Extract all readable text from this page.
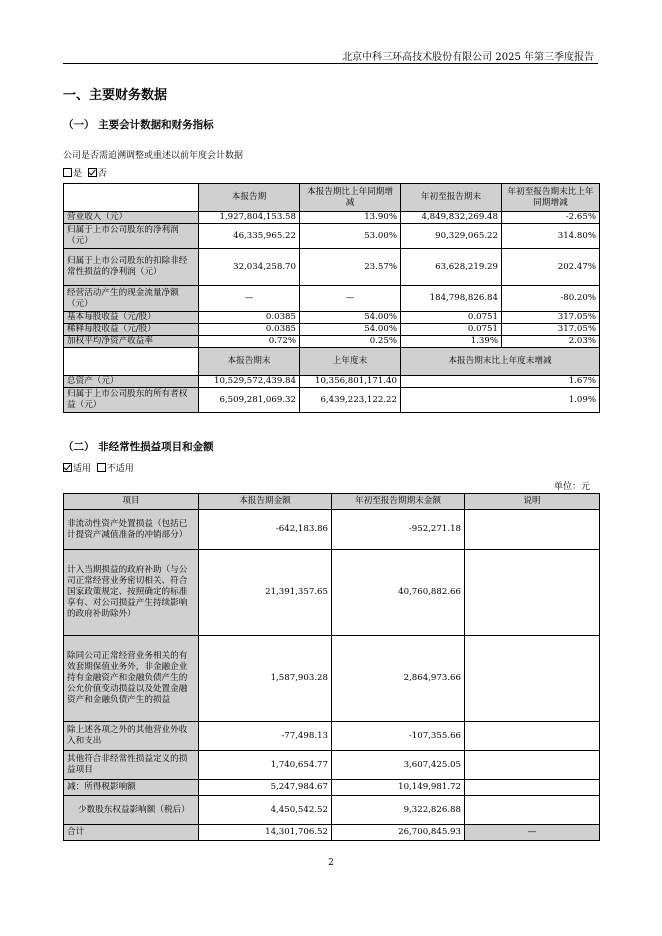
北京中科三环高技术股份有限公司 2025 年第三季度报告
一、主要财务数据
（一） 主要会计数据和财务指标
公司是否需追溯调整或重述以前年度会计数据
是 否
	本报告期	本报告期比上年同期增减	年初至报告期末	年初至报告期末比上年同期增减
营业收入（元）	1,927,804,153.58	13.90%	4,849,832,269.48	-2.65%
归属于上市公司股东的净利润（元）	46,335,965.22	53.00%	90,329,065.22	314.80%
归属于上市公司股东的扣除非经常性损益的净利润（元）	32,034,258.70	23.57%	63,628,219.29	202.47%
经营活动产生的现金流量净额（元）	—	—	184,798,826.84	-80.20%
基本每股收益（元/股）	0.0385	54.00%	0.0751	317.05%
稀释每股收益（元/股）	0.0385	54.00%	0.0751	317.05%
加权平均净资产收益率	0.72%	0.25%	1.39%	2.03%
	本报告期末	上年度末	本报告期末比上年度末增减	
总资产（元）	10,529,572,439.84	10,356,801,171.40	1.67%	
归属于上市公司股东的所有者权益（元）	6,509,281,069.32	6,439,223,122.22	1.09%	
（二） 非经常性损益项目和金额
适用 不适用
单位：元
项目	本报告期金额	年初至报告期期末金额	说明
非流动性资产处置损益（包括已计提资产减值准备的冲销部分）	-642,183.86	-952,271.18	
计入当期损益的政府补助（与公司正常经营业务密切相关、符合国家政策规定、按照确定的标准享有、对公司损益产生持续影响的政府补助除外）	21,391,357.65	40,760,882.66	
除同公司正常经营业务相关的有效套期保值业务外，非金融企业持有金融资产和金融负债产生的公允价值变动损益以及处置金融资产和金融负债产生的损益	1,587,903.28	2,864,973.66	
除上述各项之外的其他营业外收入和支出	-77,498.13	-107,355.66	
其他符合非经常性损益定义的损益项目	1,740,654.77	3,607,425.05	
减：所得税影响额	5,247,984.67	10,149,981.72	
少数股东权益影响额（税后）	4,450,542.52	9,322,826.88	
合计	14,301,706.52	26,700,845.93	—
2
